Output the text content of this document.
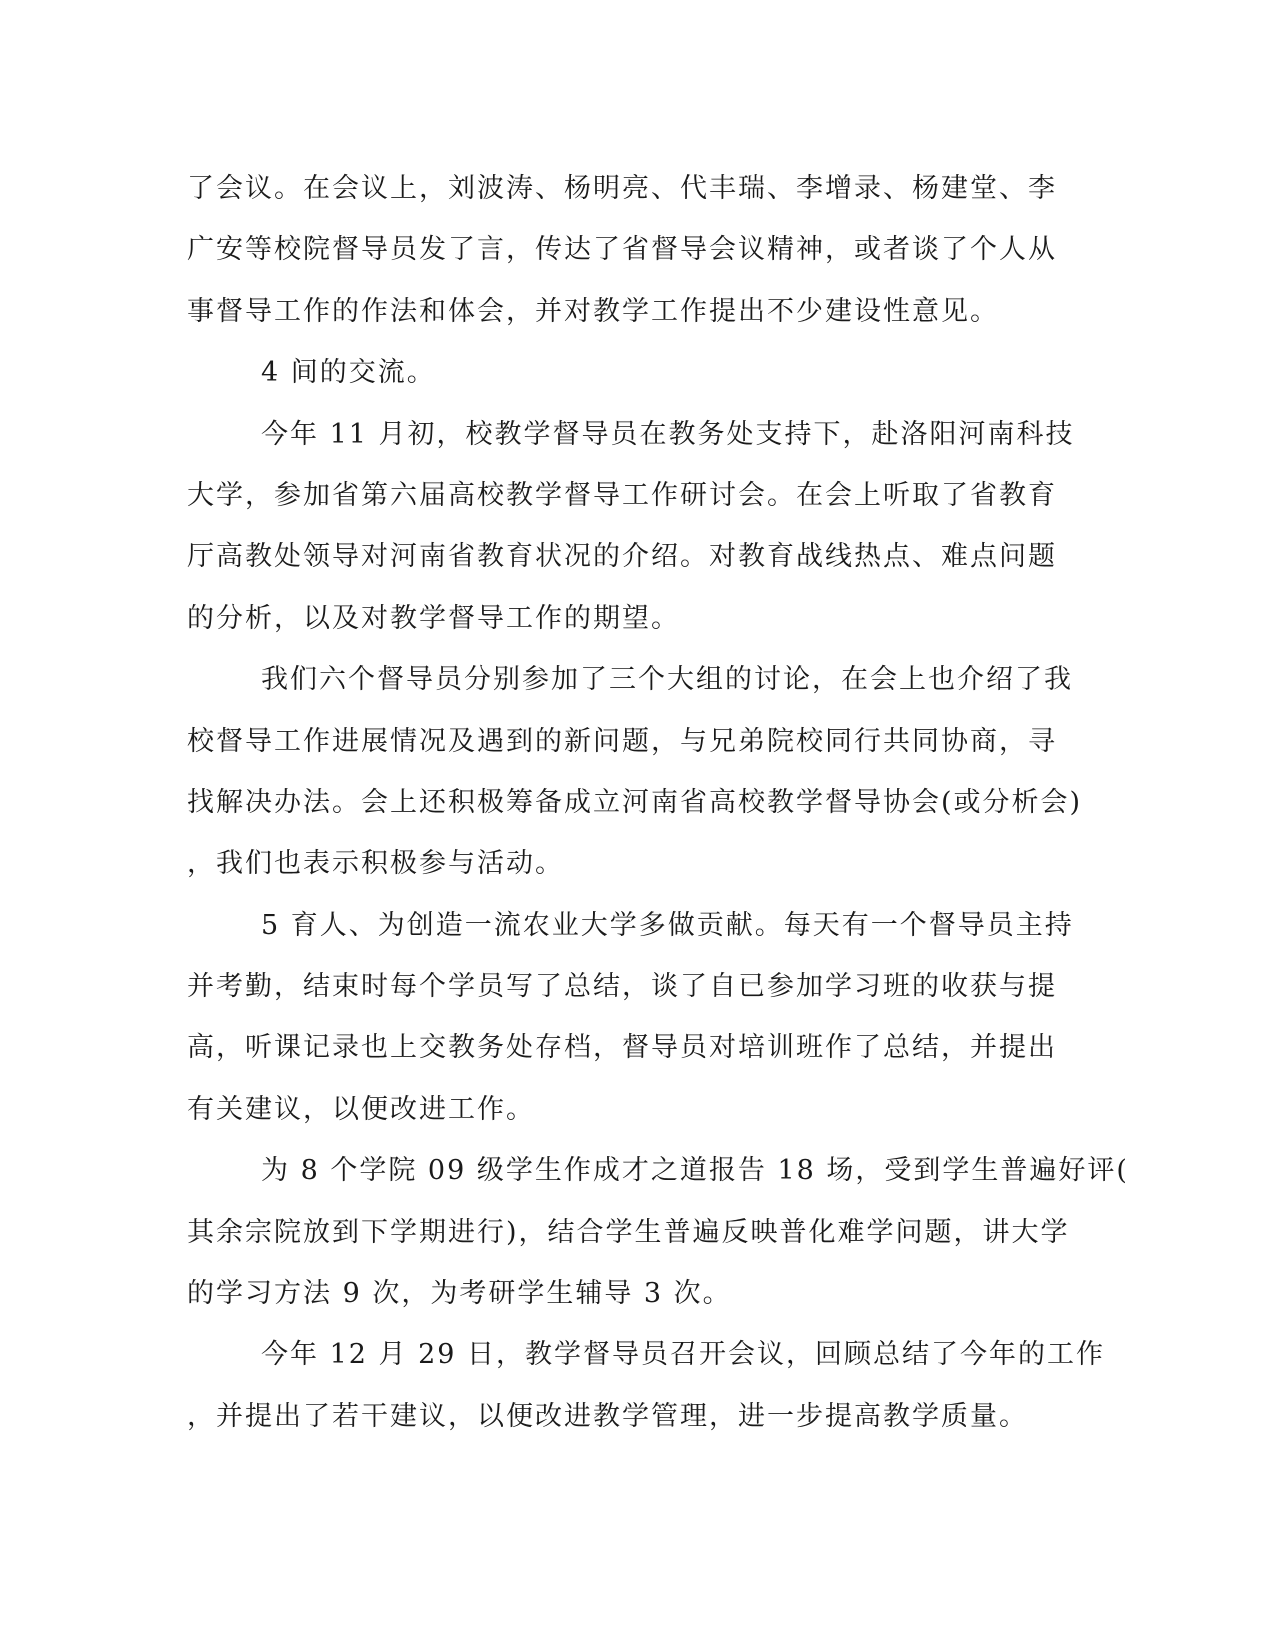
了会议。在会议上，刘波涛、杨明亮、代丰瑞、李增录、杨建堂、李
广安等校院督导员发了言，传达了省督导会议精神，或者谈了个人从
事督导工作的作法和体会，并对教学工作提出不少建设性意见。
4 间的交流。
今年 11 月初，校教学督导员在教务处支持下，赴洛阳河南科技
大学，参加省第六届高校教学督导工作研讨会。在会上听取了省教育
厅高教处领导对河南省教育状况的介绍。对教育战线热点、难点问题
的分析，以及对教学督导工作的期望。
我们六个督导员分别参加了三个大组的讨论，在会上也介绍了我
校督导工作进展情况及遇到的新问题，与兄弟院校同行共同协商，寻
找解决办法。会上还积极筹备成立河南省高校教学督导协会(或分析会)
，我们也表示积极参与活动。
5 育人、为创造一流农业大学多做贡献。每天有一个督导员主持
并考勤，结束时每个学员写了总结，谈了自已参加学习班的收获与提
高，听课记录也上交教务处存档，督导员对培训班作了总结，并提出
有关建议，以便改进工作。
为 8 个学院 09 级学生作成才之道报告 18 场，受到学生普遍好评(
其余宗院放到下学期进行)，结合学生普遍反映普化难学问题，讲大学
的学习方法 9 次，为考研学生辅导 3 次。
今年 12 月 29 日，教学督导员召开会议，回顾总结了今年的工作
，并提出了若干建议，以便改进教学管理，进一步提高教学质量。
